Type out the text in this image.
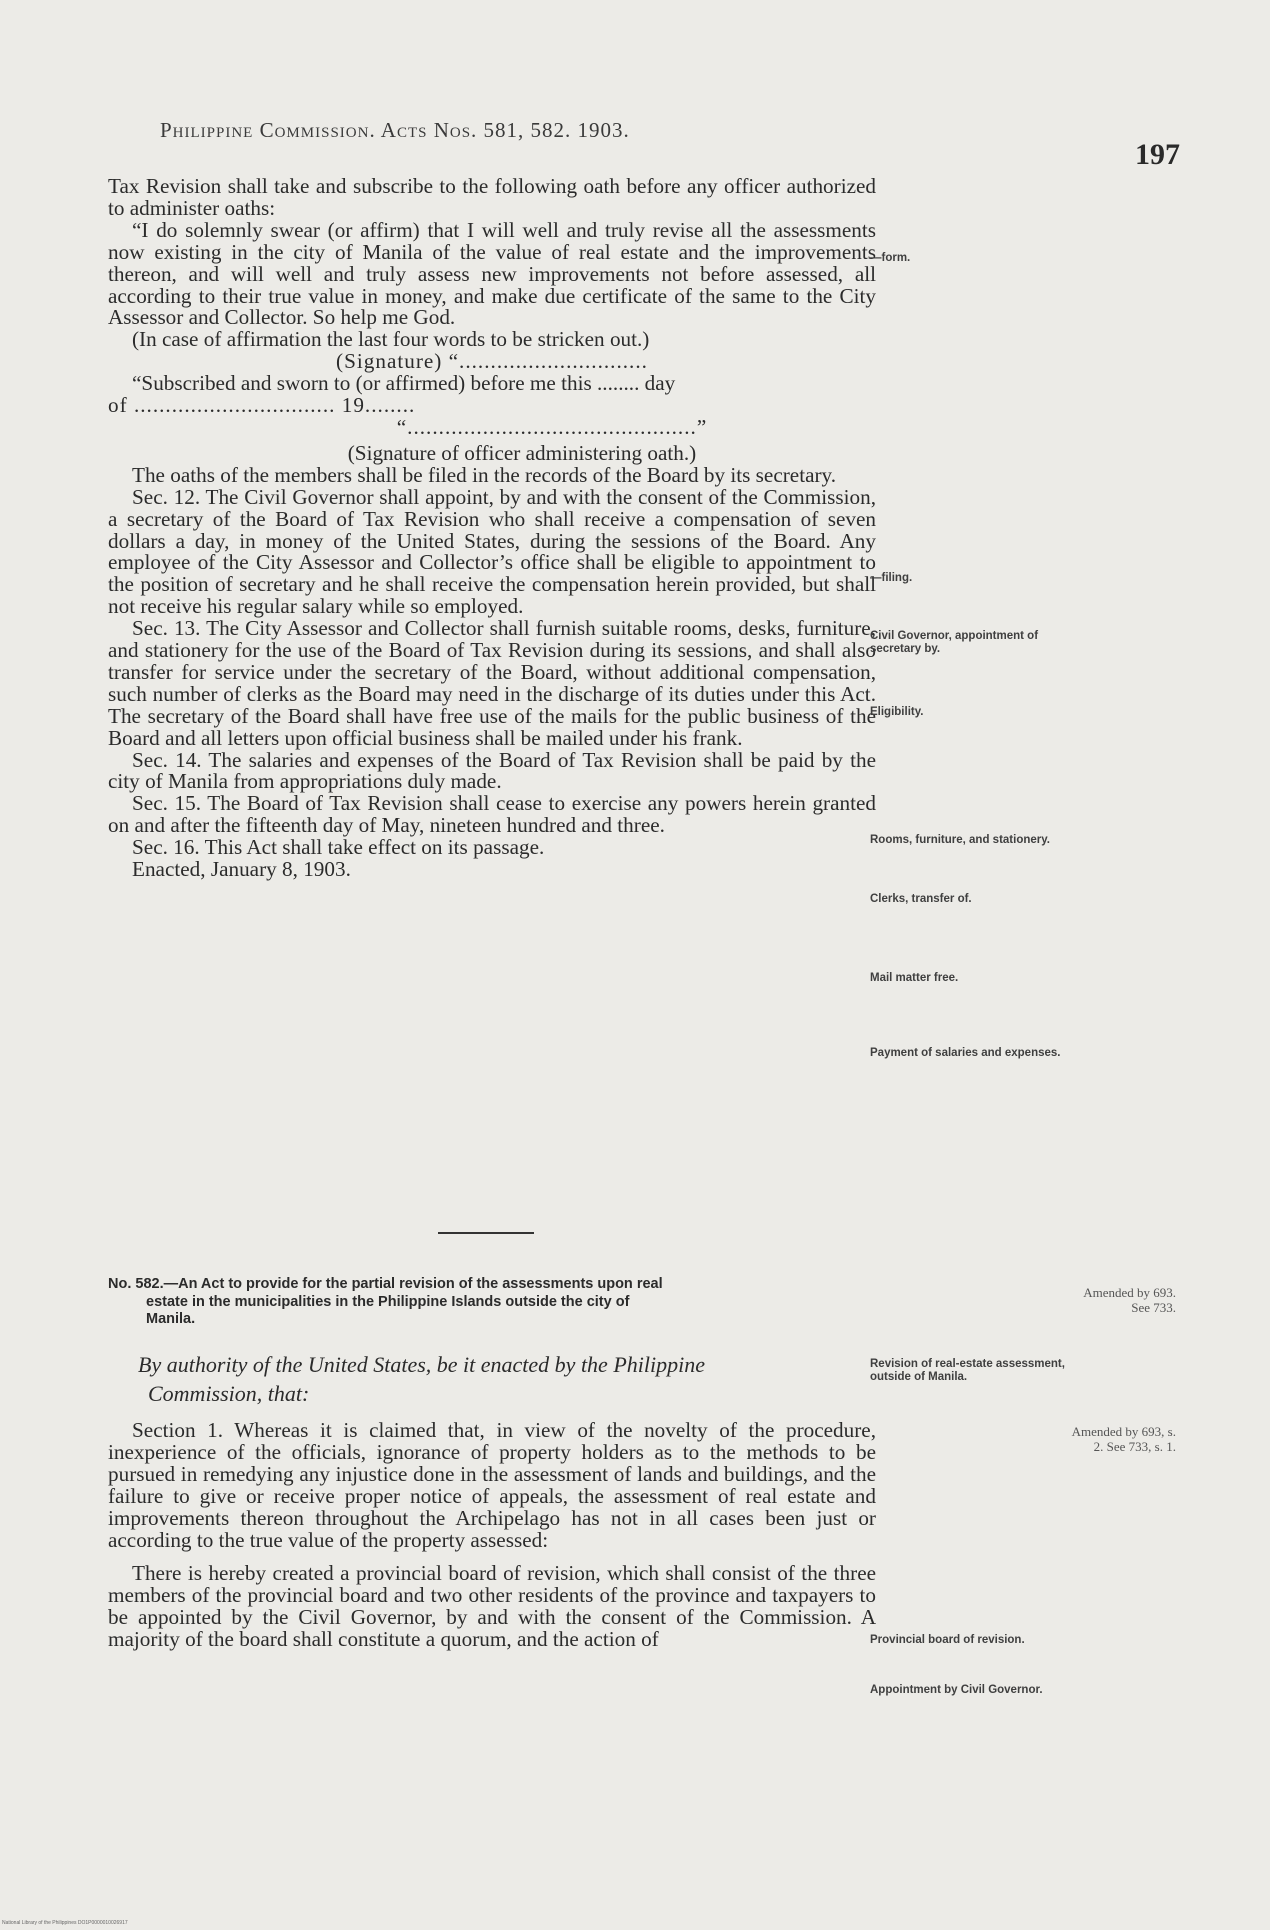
Philippine Commission. Acts Nos. 581, 582. 1903.
197

Tax Revision shall take and subscribe to the following oath before any officer authorized to administer oaths:

“I do solemnly swear (or affirm) that I will well and truly revise all the assessments now existing in the city of Manila of the value of real estate and the improvements thereon, and will well and truly assess new improvements not before assessed, all according to their true value in money, and make due certificate of the same to the City Assessor and Collector. So help me God.

(In case of affirmation the last four words to be stricken out.)

(Signature) “..............................

“Subscribed and sworn to (or affirmed) before me this ........ day

of ................................ 19........

“..............................................”

(Signature of officer administering oath.)

The oaths of the members shall be filed in the records of the Board by its secretary.

Sec. 12. The Civil Governor shall appoint, by and with the consent of the Commission, a secretary of the Board of Tax Revision who shall receive a compensation of seven dollars a day, in money of the United States, during the sessions of the Board. Any employee of the City Assessor and Collector’s office shall be eligible to appointment to the position of secretary and he shall receive the compensation herein provided, but shall not receive his regular salary while so employed.

Sec. 13. The City Assessor and Collector shall furnish suitable rooms, desks, furniture, and stationery for the use of the Board of Tax Revision during its sessions, and shall also transfer for service under the secretary of the Board, without additional compensation, such number of clerks as the Board may need in the discharge of its duties under this Act. The secretary of the Board shall have free use of the mails for the public business of the Board and all letters upon official business shall be mailed under his frank.

Sec. 14. The salaries and expenses of the Board of Tax Revision shall be paid by the city of Manila from appropriations duly made.

Sec. 15. The Board of Tax Revision shall cease to exercise any powers herein granted on and after the fifteenth day of May, nineteen hundred and three.

Sec. 16. This Act shall take effect on its passage.

Enacted, January 8, 1903.

—form.
—filing.
Civil Governor, appointment of secretary by.
Eligibility.
Rooms, furniture, and stationery.
Clerks, transfer of.
Mail matter free.
Payment of salaries and expenses.
Revision of real-estate assessment, outside of Manila.
Provincial board of revision.
Appointment by Civil Governor.
Amended by 693. See 733.
Amended by 693, s. 2. See 733, s. 1.
No. 582.—An Act to provide for the partial revision of the assessments upon real
estate in the municipalities in the Philippine Islands outside the city of
Manila.
By authority of the United States, be it enacted by the Philippine
Commission, that:

Section 1. Whereas it is claimed that, in view of the novelty of the procedure, inexperience of the officials, ignorance of property holders as to the methods to be pursued in remedying any injustice done in the assessment of lands and buildings, and the failure to give or receive proper notice of appeals, the assessment of real estate and improvements thereon throughout the Archipelago has not in all cases been just or according to the true value of the property assessed:

There is hereby created a provincial board of revision, which shall consist of the three members of the provincial board and two other residents of the province and taxpayers to be appointed by the Civil Governor, by and with the consent of the Commission. A majority of the board shall constitute a quorum, and the action of

National Library of the Philippines DO1P0000010026917
